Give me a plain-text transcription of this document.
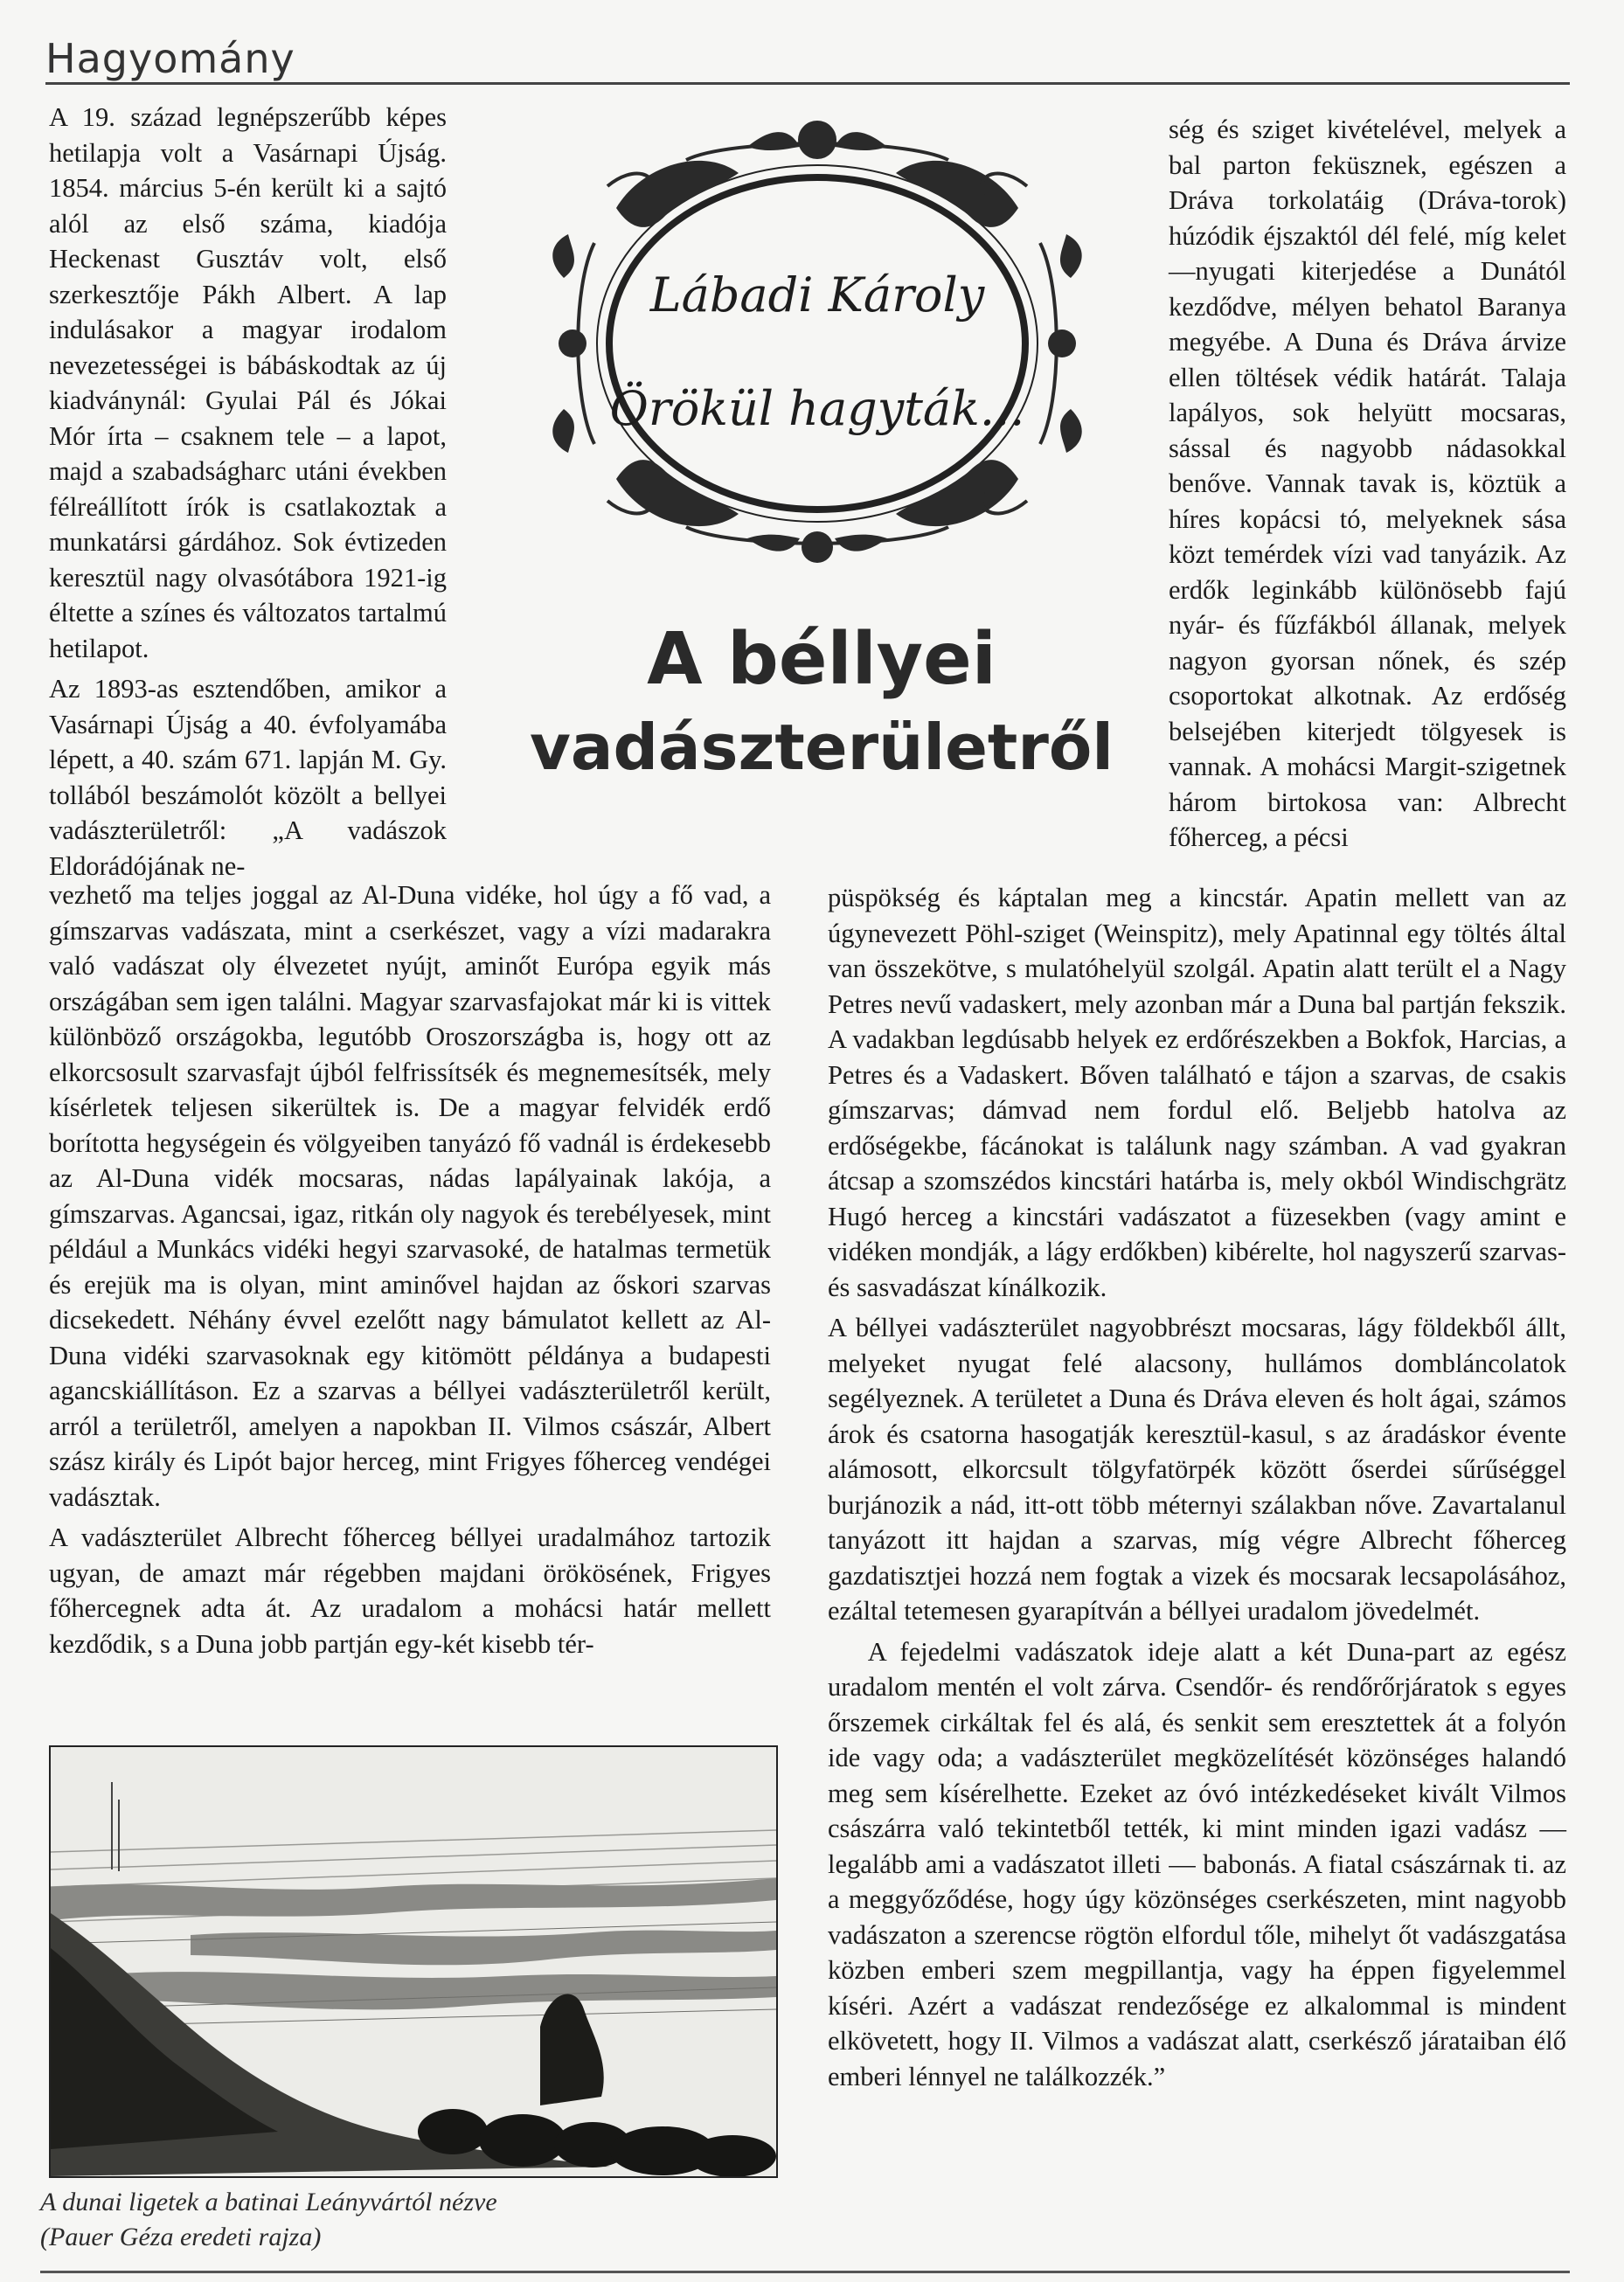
Hagyomány

A 19. század legnépszerűbb képes hetilapja volt a Vasárnapi Újság. 1854. március 5-én került ki a sajtó alól az első száma, kiadója Heckenast Gusztáv volt, első szerkesztője Pákh Albert. A lap indulásakor a magyar irodalom nevezetességei is bábáskodtak az új kiadványnál: Gyulai Pál és Jókai Mór írta – csaknem tele – a lapot, majd a szabadságharc utáni években félreállított írók is csatlakoztak a munkatársi gárdához. Sok évtizeden keresztül nagy olvasótábora 1921-ig éltette a színes és változatos tartalmú hetilapot.

Az 1893-as esztendőben, amikor a Vasárnapi Újság a 40. évfolyamába lépett, a 40. szám 671. lapján M. Gy. tollából beszámolót közölt a bellyei vadászterületről: „A vadászok Eldorádójának ne-

Lábadi Károly
Örökül hagyták...
A béllyei
vadászterületről

ség és sziget kivételével, melyek a bal parton feküsznek, egészen a Dráva torkolatáig (Dráva-torok) húzódik éjszaktól dél felé, míg kelet—nyugati kiterjedése a Dunától kezdődve, mélyen behatol Baranya megyébe. A Duna és Dráva árvize ellen töltések védik határát. Talaja lapályos, sok helyütt mocsaras, sással és nagyobb nádasokkal benőve. Vannak tavak is, köztük a híres kopácsi tó, melyeknek sása közt temérdek vízi vad tanyázik. Az erdők leginkább különösebb fajú nyár- és fűzfákból állanak, melyek nagyon gyorsan nőnek, és szép csoportokat alkotnak. Az erdőség belsejében kiterjedt tölgyesek is vannak. A mohácsi Margit-szigetnek három birtokosa van: Albrecht főherceg, a pécsi

vezhető ma teljes joggal az Al-Duna vidéke, hol úgy a fő vad, a gímszarvas vadászata, mint a cserkészet, vagy a vízi madarakra való vadászat oly élvezetet nyújt, aminőt Európa egyik más országában sem igen találni. Magyar szarvasfajokat már ki is vittek különböző országokba, legutóbb Oroszországba is, hogy ott az elkorcsosult szarvasfajt újból felfrissítsék és megnemesítsék, mely kísérletek teljesen sikerültek is. De a magyar felvidék erdő borította hegységein és völgyeiben tanyázó fő vadnál is érdekesebb az Al-Duna vidék mocsaras, nádas lapályainak lakója, a gímszarvas. Agancsai, igaz, ritkán oly nagyok és terebélyesek, mint például a Munkács vidéki hegyi szarvasoké, de hatalmas termetük és erejük ma is olyan, mint aminővel hajdan az őskori szarvas dicsekedett. Néhány évvel ezelőtt nagy bámulatot kellett az Al-Duna vidéki szarvasoknak egy kitömött példánya a budapesti agancskiállításon. Ez a szarvas a béllyei vadászterületről került, arról a területről, amelyen a napokban II. Vilmos császár, Albert szász király és Lipót bajor herceg, mint Frigyes főherceg vendégei vadásztak.

A vadászterület Albrecht főherceg béllyei uradalmához tartozik ugyan, de amazt már régebben majdani örökösének, Frigyes főhercegnek adta át. Az uradalom a mohácsi határ mellett kezdődik, s a Duna jobb partján egy-két kisebb tér-

püspökség és káptalan meg a kincstár. Apatin mellett van az úgynevezett Pöhl-sziget (Weinspitz), mely Apatinnal egy töltés által van összekötve, s mulatóhelyül szolgál. Apatin alatt terült el a Nagy Petres nevű vadaskert, mely azonban már a Duna bal partján fekszik. A vadakban legdúsabb helyek ez erdőrészekben a Bokfok, Harcias, a Petres és a Vadaskert. Bőven található e tájon a szarvas, de csakis gímszarvas; dámvad nem fordul elő. Beljebb hatolva az erdőségekbe, fácánokat is találunk nagy számban. A vad gyakran átcsap a szomszédos kincstári határba is, mely okból Windischgrätz Hugó herceg a kincstári vadászatot a füzesekben (vagy amint e vidéken mondják, a lágy erdőkben) kibérelte, hol nagyszerű szarvas- és sasvadászat kínálkozik.

A béllyei vadászterület nagyobbrészt mocsaras, lágy földekből állt, melyeket nyugat felé alacsony, hullámos dombláncolatok segélyeznek. A területet a Duna és Dráva eleven és holt ágai, számos árok és csatorna hasogatják keresztül-kasul, s az áradáskor évente alámosott, elkorcsult tölgyfatörpék között őserdei sűrűséggel burjánozik a nád, itt-ott több méternyi szálakban nőve. Zavartalanul tanyázott itt hajdan a szarvas, míg végre Albrecht főherceg gazdatisztjei hozzá nem fogtak a vizek és mocsarak lecsapolásához, ezáltal tetemesen gyarapítván a béllyei uradalom jövedelmét.

A fejedelmi vadászatok ideje alatt a két Duna-part az egész uradalom mentén el volt zárva. Csendőr- és rendőrőrjáratok s egyes őrszemek cirkáltak fel és alá, és senkit sem eresztettek át a folyón ide vagy oda; a vadászterület megközelítését közönséges halandó meg sem kísérelhette. Ezeket az óvó intézkedéseket kivált Vilmos császárra való tekintetből tették, ki mint minden igazi vadász — legalább ami a vadászatot illeti — babonás. A fiatal császárnak ti. az a meggyőződése, hogy úgy közönséges cserkészeten, mint nagyobb vadászaton a szerencse rögtön elfordul tőle, mihelyt őt vadászgatása közben emberi szem megpillantja, vagy ha éppen figyelemmel kíséri. Azért a vadászat rendezősége ez alkalommal is mindent elkövetett, hogy II. Vilmos a vadászat alatt, cserkésző járataiban élő emberi lénnyel ne találkozzék.”

A dunai ligetek a batinai Leányvártól nézve
(Pauer Géza eredeti rajza)
